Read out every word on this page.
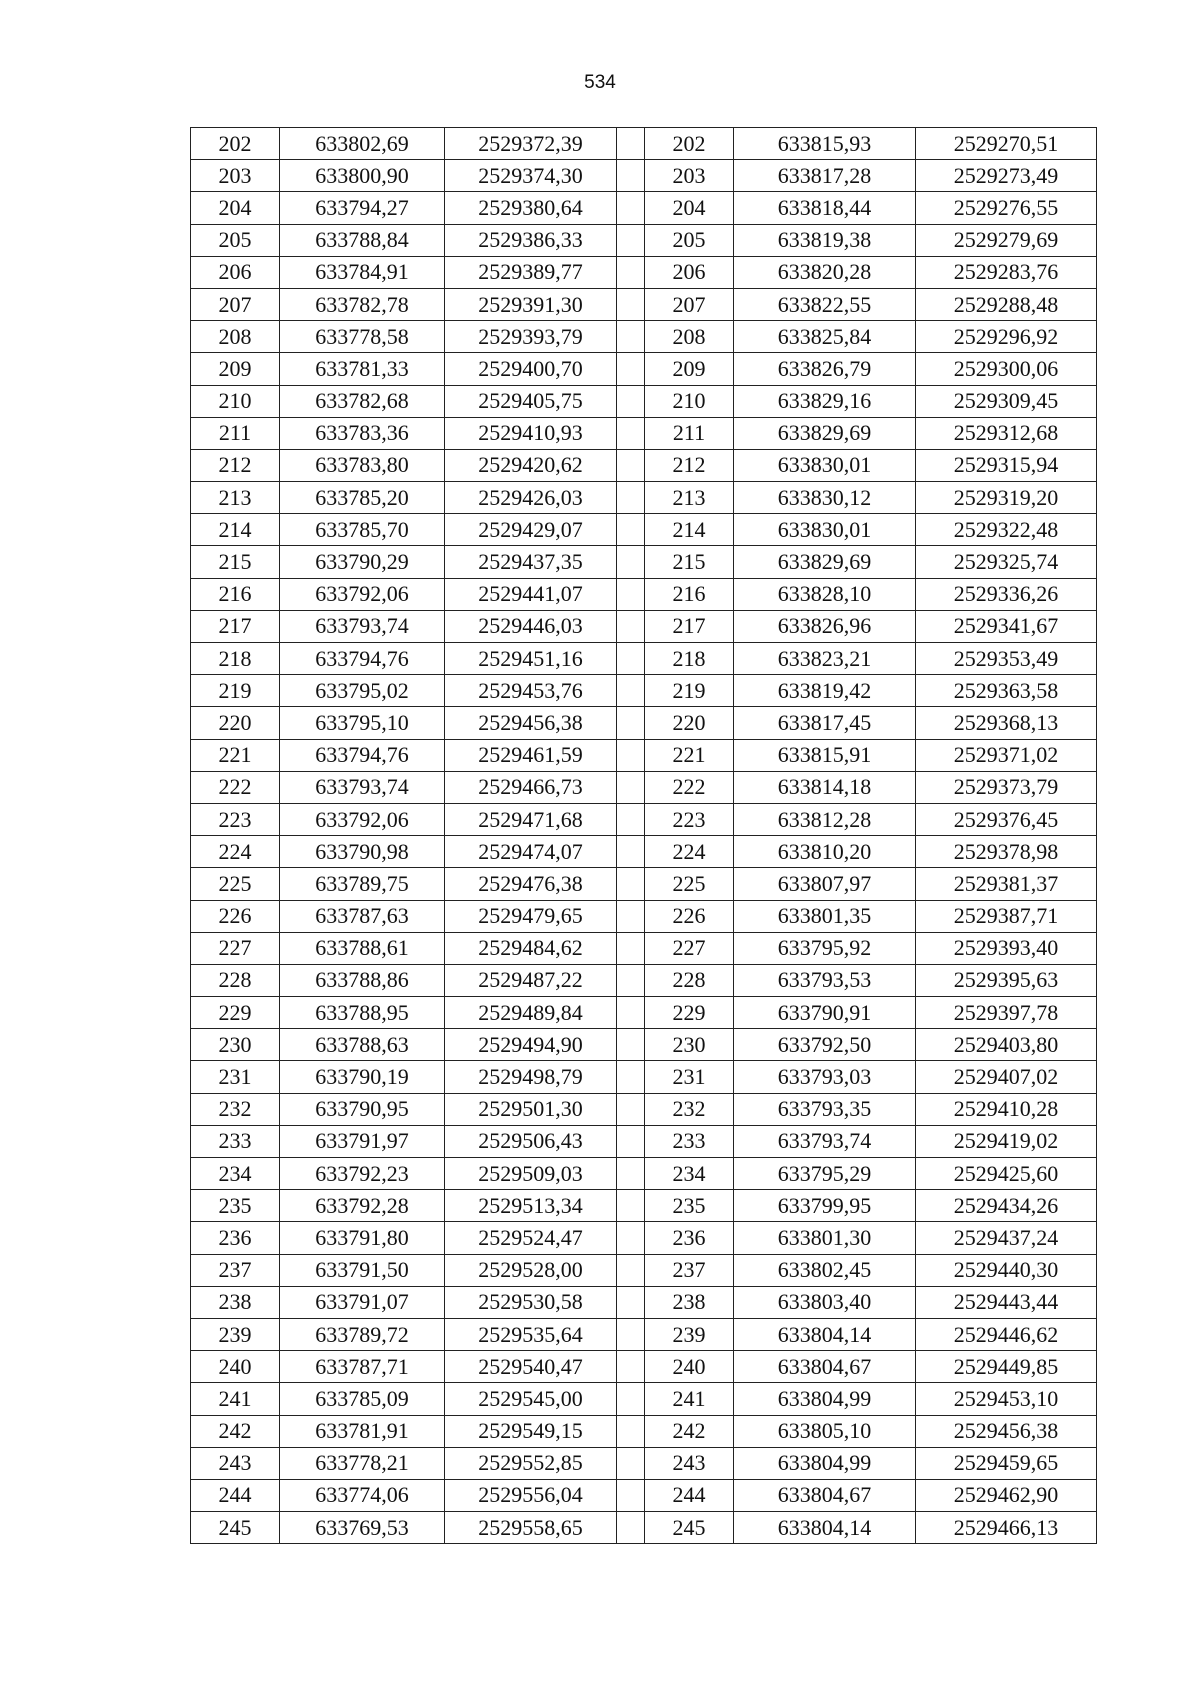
534
202	633802,69	2529372,39		202	633815,93	2529270,51
203	633800,90	2529374,30		203	633817,28	2529273,49
204	633794,27	2529380,64		204	633818,44	2529276,55
205	633788,84	2529386,33		205	633819,38	2529279,69
206	633784,91	2529389,77		206	633820,28	2529283,76
207	633782,78	2529391,30		207	633822,55	2529288,48
208	633778,58	2529393,79		208	633825,84	2529296,92
209	633781,33	2529400,70		209	633826,79	2529300,06
210	633782,68	2529405,75		210	633829,16	2529309,45
211	633783,36	2529410,93		211	633829,69	2529312,68
212	633783,80	2529420,62		212	633830,01	2529315,94
213	633785,20	2529426,03		213	633830,12	2529319,20
214	633785,70	2529429,07		214	633830,01	2529322,48
215	633790,29	2529437,35		215	633829,69	2529325,74
216	633792,06	2529441,07		216	633828,10	2529336,26
217	633793,74	2529446,03		217	633826,96	2529341,67
218	633794,76	2529451,16		218	633823,21	2529353,49
219	633795,02	2529453,76		219	633819,42	2529363,58
220	633795,10	2529456,38		220	633817,45	2529368,13
221	633794,76	2529461,59		221	633815,91	2529371,02
222	633793,74	2529466,73		222	633814,18	2529373,79
223	633792,06	2529471,68		223	633812,28	2529376,45
224	633790,98	2529474,07		224	633810,20	2529378,98
225	633789,75	2529476,38		225	633807,97	2529381,37
226	633787,63	2529479,65		226	633801,35	2529387,71
227	633788,61	2529484,62		227	633795,92	2529393,40
228	633788,86	2529487,22		228	633793,53	2529395,63
229	633788,95	2529489,84		229	633790,91	2529397,78
230	633788,63	2529494,90		230	633792,50	2529403,80
231	633790,19	2529498,79		231	633793,03	2529407,02
232	633790,95	2529501,30		232	633793,35	2529410,28
233	633791,97	2529506,43		233	633793,74	2529419,02
234	633792,23	2529509,03		234	633795,29	2529425,60
235	633792,28	2529513,34		235	633799,95	2529434,26
236	633791,80	2529524,47		236	633801,30	2529437,24
237	633791,50	2529528,00		237	633802,45	2529440,30
238	633791,07	2529530,58		238	633803,40	2529443,44
239	633789,72	2529535,64		239	633804,14	2529446,62
240	633787,71	2529540,47		240	633804,67	2529449,85
241	633785,09	2529545,00		241	633804,99	2529453,10
242	633781,91	2529549,15		242	633805,10	2529456,38
243	633778,21	2529552,85		243	633804,99	2529459,65
244	633774,06	2529556,04		244	633804,67	2529462,90
245	633769,53	2529558,65		245	633804,14	2529466,13
